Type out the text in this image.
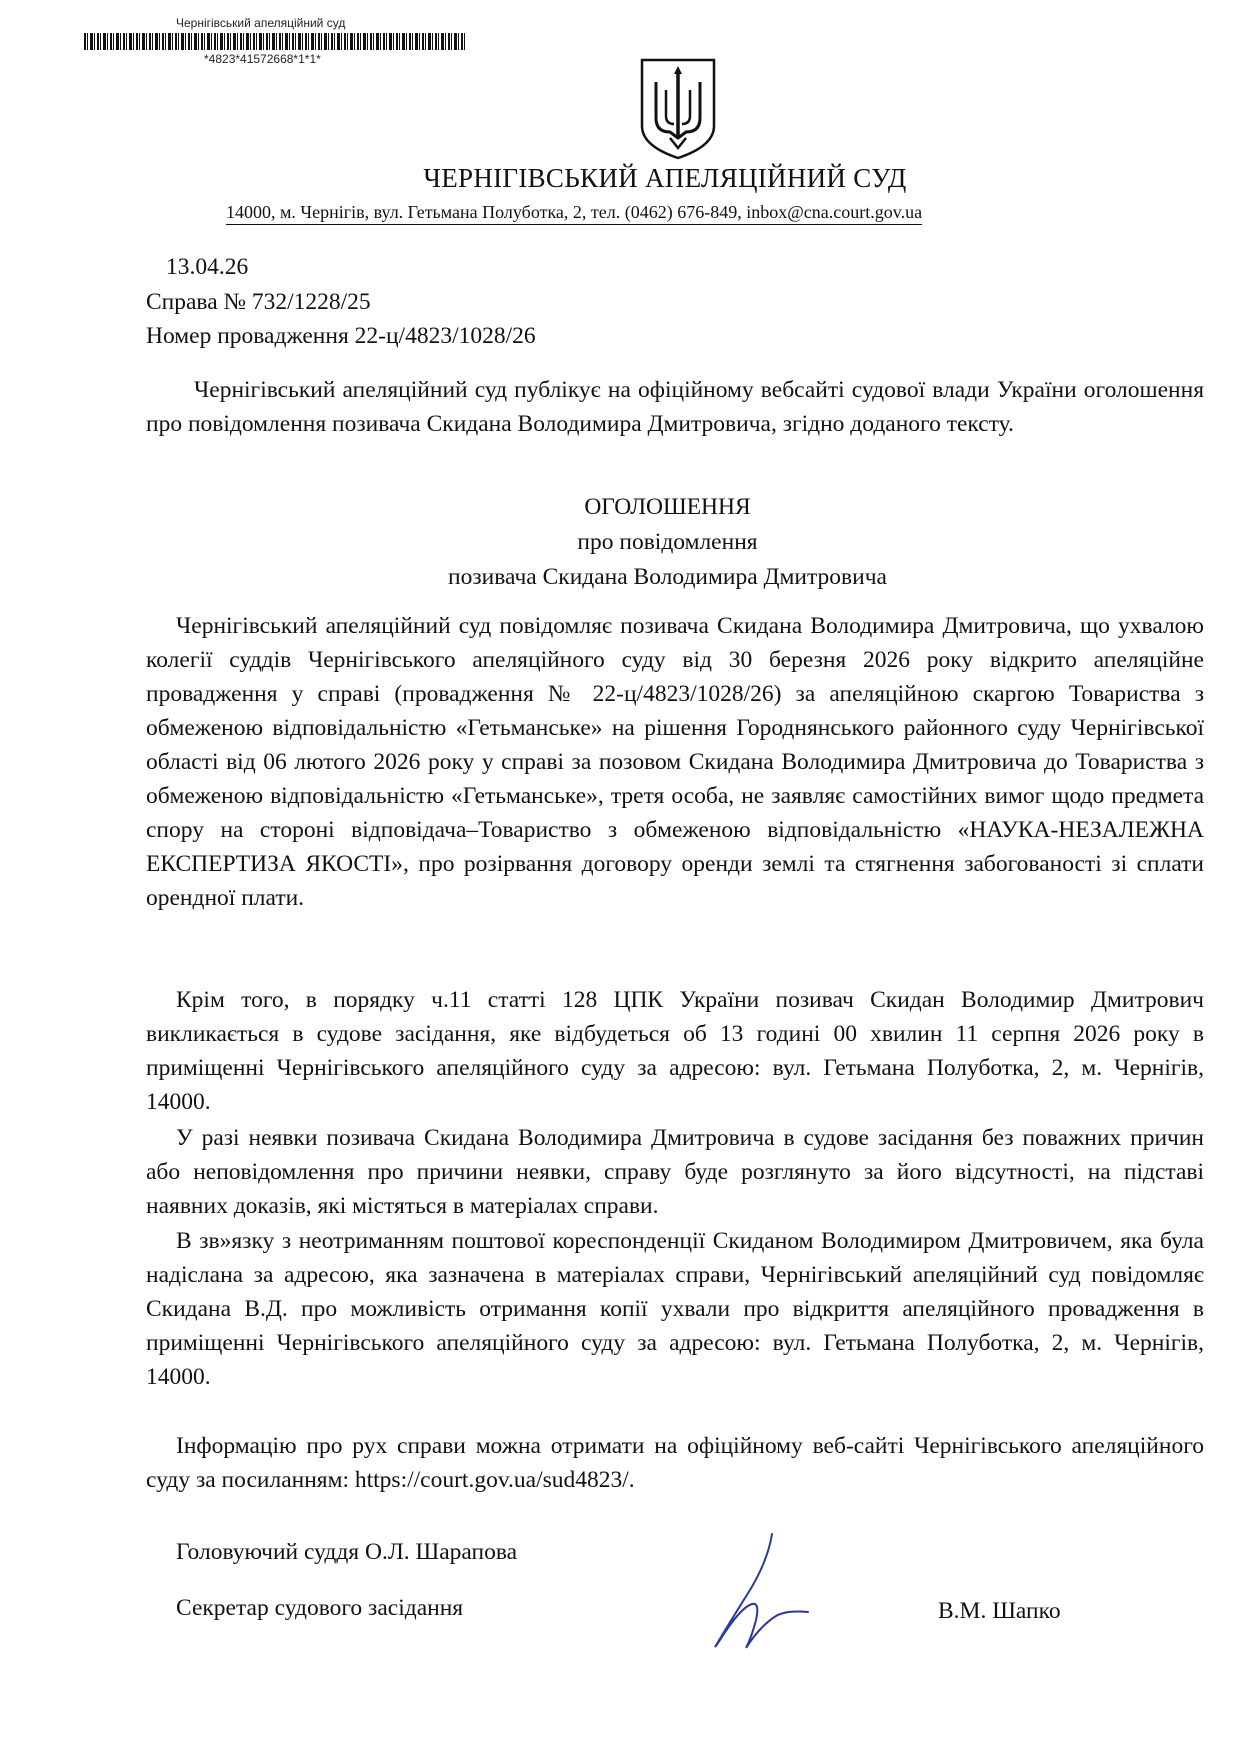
Чернігівський апеляційний суд
*4823*41572668*1*1*
ЧЕРНІГІВСЬКИЙ АПЕЛЯЦІЙНИЙ СУД
14000, м. Чернігів, вул. Гетьмана Полуботка, 2, тел. (0462) 676-849, inbox@cna.court.gov.ua
13.04.26
Справа № 732/1228/25
Номер провадження 22-ц/4823/1028/26
Чернігівський апеляційний суд публікує на офіційному вебсайті судової влади України оголошення про повідомлення позивача Скидана Володимира Дмитровича, згідно доданого тексту.
ОГОЛОШЕННЯ
про повідомлення
позивача Скидана Володимира Дмитровича
Чернігівський апеляційний суд повідомляє позивача Скидана Володимира Дмитровича, що ухвалою колегії суддів Чернігівського апеляційного суду від 30 березня 2026 року відкрито апеляційне провадження у справі (провадження № 22-ц/4823/1028/26) за апеляційною скаргою Товариства з обмеженою відповідальністю «Гетьманське» на рішення Городнянського районного суду Чернігівської області від 06 лютого 2026 року у справі за позовом Скидана Володимира Дмитровича до Товариства з обмеженою відповідальністю «Гетьманське», третя особа, не заявляє самостійних вимог щодо предмета спору на стороні відповідача–Товариство з обмеженою відповідальністю «НАУКА-НЕЗАЛЕЖНА ЕКСПЕРТИЗА ЯКОСТІ», про розірвання договору оренди землі та стягнення забогованості зі сплати орендної плати.
Крім того, в порядку ч.11 статті 128 ЦПК України позивач Скидан Володимир Дмитрович викликається в судове засідання, яке відбудеться об 13 годині 00 хвилин 11 серпня 2026 року в приміщенні Чернігівського апеляційного суду за адресою: вул. Гетьмана Полуботка, 2, м. Чернігів, 14000.
У разі неявки позивача Скидана Володимира Дмитровича в судове засідання без поважних причин або неповідомлення про причини неявки, справу буде розглянуто за його відсутності, на підставі наявних доказів, які містяться в матеріалах справи.
В зв»язку з неотриманням поштової кореспонденції Скиданом Володимиром Дмитровичем, яка була надіслана за адресою, яка зазначена в матеріалах справи, Чернігівський апеляційний суд повідомляє Скидана В.Д. про можливість отримання копії ухвали про відкриття апеляційного провадження в приміщенні Чернігівського апеляційного суду за адресою: вул. Гетьмана Полуботка, 2, м. Чернігів, 14000.
Інформацію про рух справи можна отримати на офіційному веб-сайті Чернігівського апеляційного суду за посиланням: https://court.gov.ua/sud4823/.
Головуючий суддя О.Л. Шарапова
Секретар судового засідання	В.М. Шапко
